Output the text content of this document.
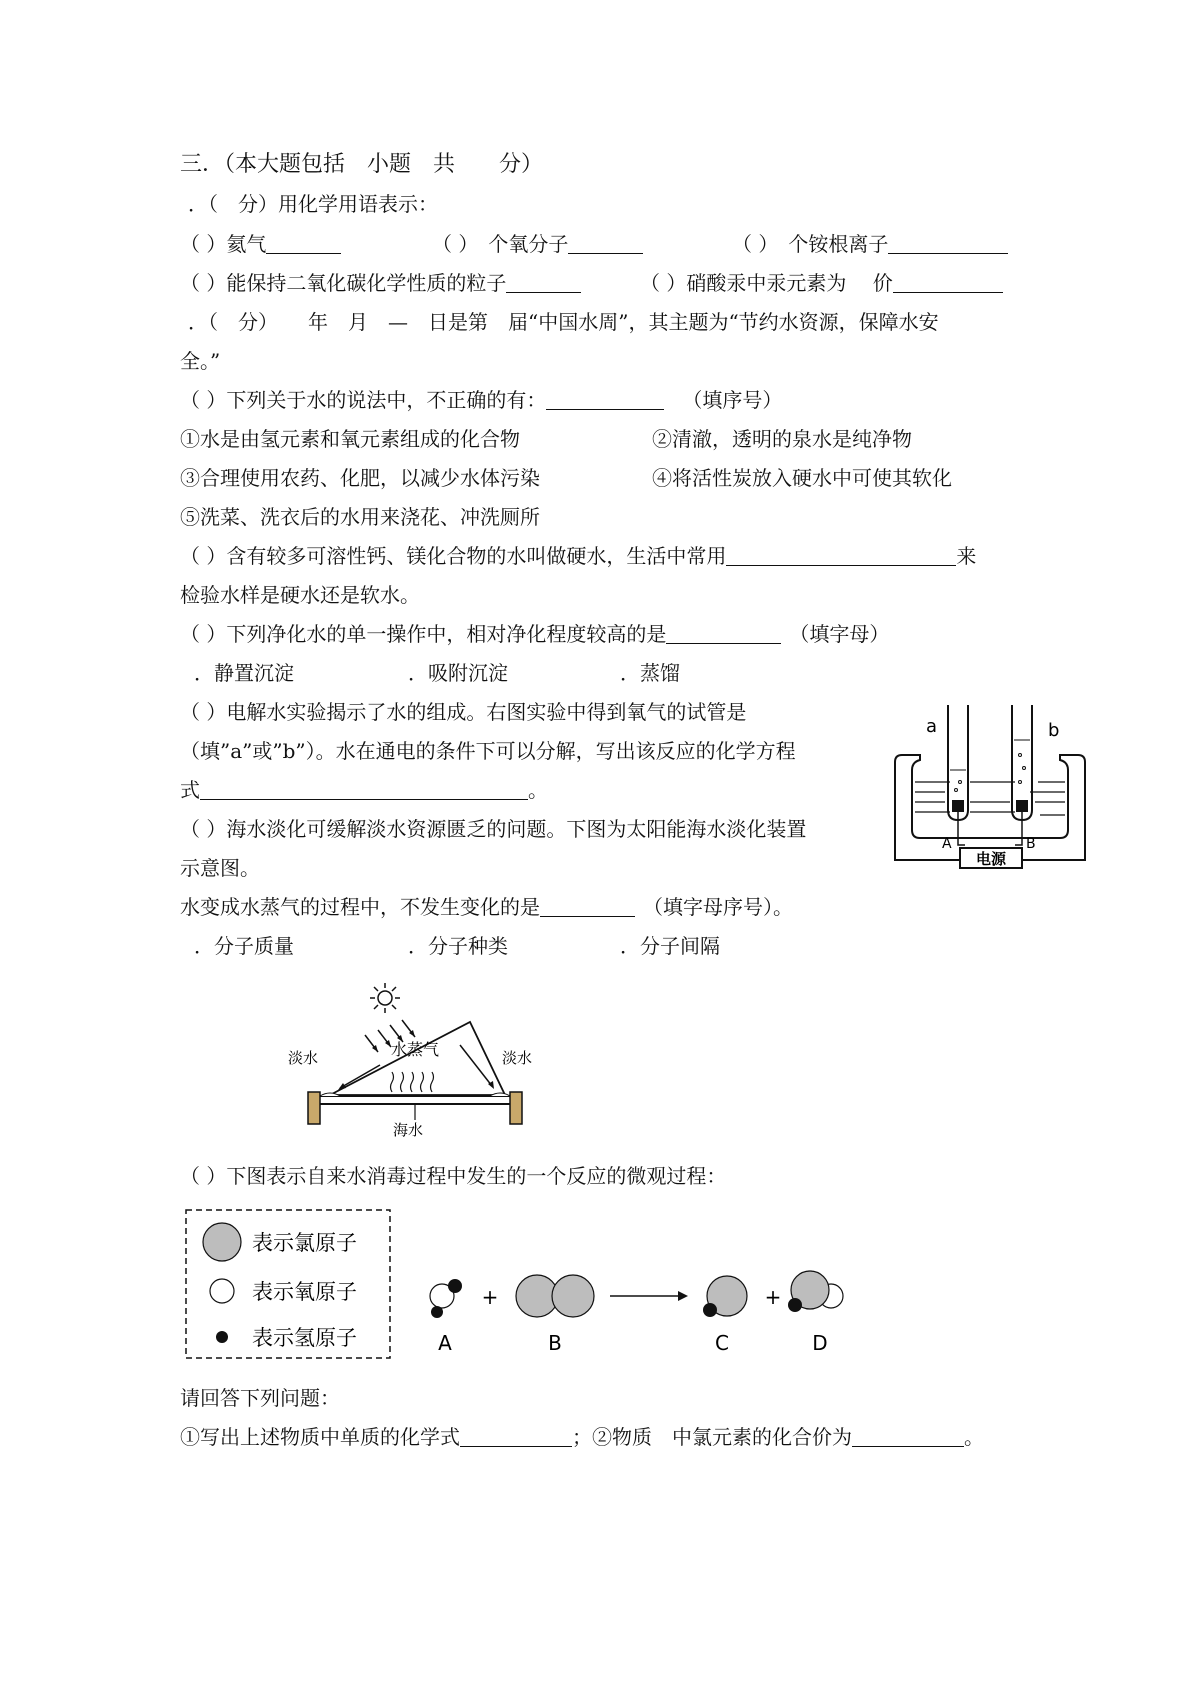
三．（本大题包括　小题　共　　分）
．（　分）用化学用语表示：
（ ）氦气	（ ）　个氧分子	（ ）　个铵根离子
（ ）能保持二氧化碳化学性质的粒子	（ ）硝酸汞中汞元素为　 价
．（　分）　　年　月　—　日是第　届“中国水周”，其主题为“节约水资源，保障水安
全。”
（ ）下列关于水的说法中，不正确的有：	（填序号）
①水是由氢元素和氧元素组成的化合物	②清澈，透明的泉水是纯净物
③合理使用农药、化肥，以减少水体污染	④将活性炭放入硬水中可使其软化
⑤洗菜、洗衣后的水用来浇花、冲洗厕所
（ ）含有较多可溶性钙、镁化合物的水叫做硬水，生活中常用	来
检验水样是硬水还是软水。
（ ）下列净化水的单一操作中，相对净化程度较高的是	（填字母）
．静置沉淀	．吸附沉淀	．蒸馏
（ ）电解水实验揭示了水的组成。右图实验中得到氧气的试管是
（填”a”或”b”）。水在通电的条件下可以分解，写出该反应的化学方程
式	。
（ ）海水淡化可缓解淡水资源匮乏的问题。下图为太阳能海水淡化装置
示意图。
水变成水蒸气的过程中，不发生变化的是	（填字母序号）。
．分子质量	．分子种类	．分子间隔
电源
a	b
A	B
淡水	淡水
水蒸气
海水
（ ）下图表示自来水消毒过程中发生的一个反应的微观过程：
表示氯原子
表示氧原子
表示氢原子
+	+
A	B	C	D
请回答下列问题：
①写出上述物质中单质的化学式	；②物质　中氯元素的化合价为	。
